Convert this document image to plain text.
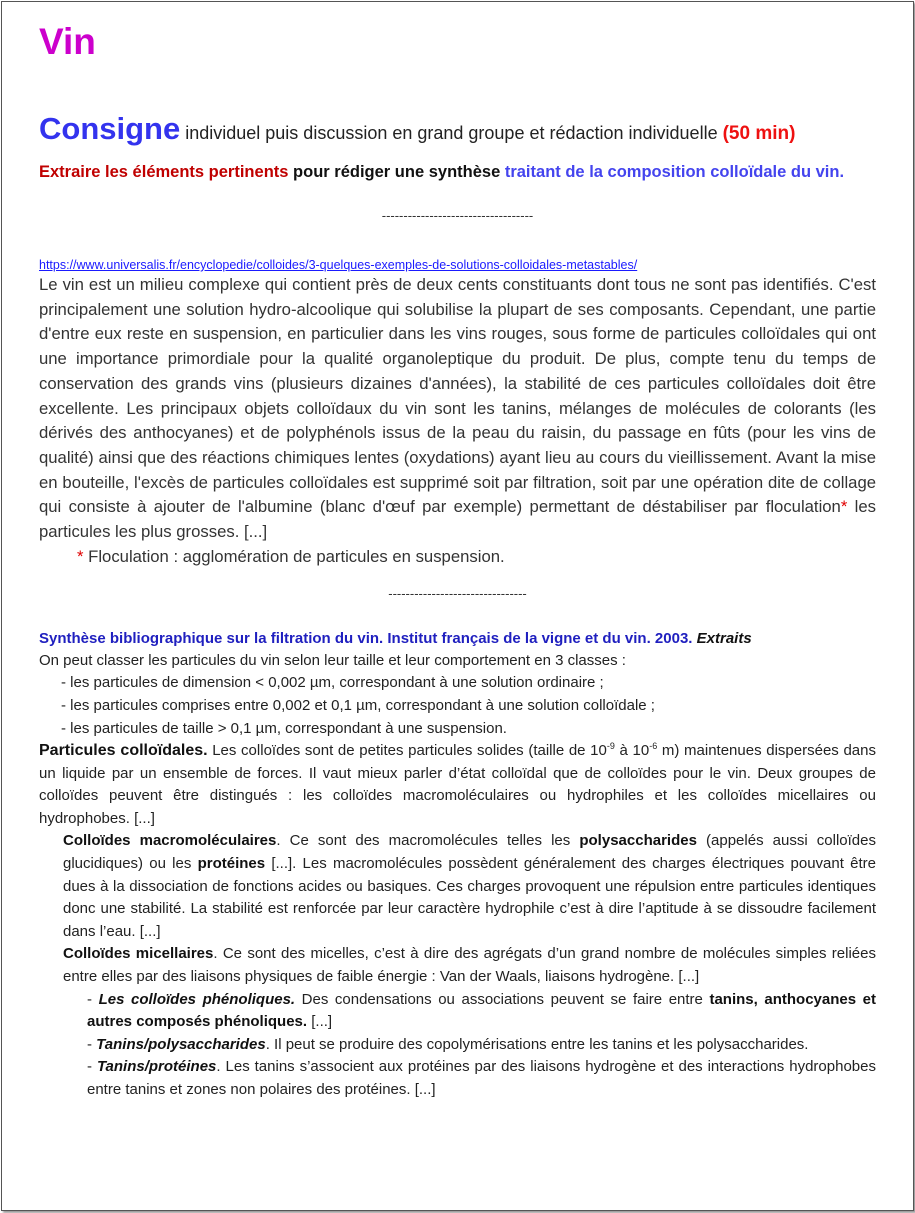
Vin
Consigne individuel puis discussion en grand groupe et rédaction individuelle (50 min)
Extraire les éléments pertinents pour rédiger une synthèse traitant de la composition colloïdale du vin.
-----------------------------------
https://www.universalis.fr/encyclopedie/colloides/3-quelques-exemples-de-solutions-colloidales-metastables/

Le vin est un milieu complexe qui contient près de deux cents constituants dont tous ne sont pas identifiés. C'est principalement une solution hydro-alcoolique qui solubilise la plupart de ses composants. Cependant, une partie d'entre eux reste en suspension, en particulier dans les vins rouges, sous forme de particules colloïdales qui ont une importance primordiale pour la qualité organoleptique du produit. De plus, compte tenu du temps de conservation des grands vins (plusieurs dizaines d'années), la stabilité de ces particules colloïdales doit être excellente. Les principaux objets colloïdaux du vin sont les tanins, mélanges de molécules de colorants (les dérivés des anthocyanes) et de polyphénols issus de la peau du raisin, du passage en fûts (pour les vins de qualité) ainsi que des réactions chimiques lentes (oxydations) ayant lieu au cours du vieillissement. Avant la mise en bouteille, l'excès de particules colloïdales est supprimé soit par filtration, soit par une opération dite de collage qui consiste à ajouter de l'albumine (blanc d'œuf par exemple) permettant de déstabiliser par floculation* les particules les plus grosses. [...]

* Floculation : agglomération de particules en suspension.
--------------------------------
Synthèse bibliographique sur la filtration du vin. Institut français de la vigne et du vin. 2003. Extraits
On peut classer les particules du vin selon leur taille et leur comportement en 3 classes :
- les particules de dimension < 0,002 µm, correspondant à une solution ordinaire ;
- les particules comprises entre 0,002 et 0,1 µm, correspondant à une solution colloïdale ;
- les particules de taille > 0,1 µm, correspondant à une suspension.
Particules colloïdales. Les colloïdes sont de petites particules solides (taille de $10^{-9}$ à $10^{-6}$ m) maintenues dispersées dans un liquide par un ensemble de forces. Il vaut mieux parler d’état colloïdal que de colloïdes pour le vin. Deux groupes de colloïdes peuvent être distingués : les colloïdes macromoléculaires ou hydrophiles et les colloïdes micellaires ou hydrophobes. [...]
Colloïdes macromoléculaires. Ce sont des macromolécules telles les polysaccharides (appelés aussi colloïdes glucidiques) ou les protéines [...]. Les macromolécules possèdent généralement des charges électriques pouvant être dues à la dissociation de fonctions acides ou basiques. Ces charges provoquent une répulsion entre particules identiques donc une stabilité. La stabilité est renforcée par leur caractère hydrophile c’est à dire l’aptitude à se dissoudre facilement dans l’eau. [...]
Colloïdes micellaires. Ce sont des micelles, c’est à dire des agrégats d’un grand nombre de molécules simples reliées entre elles par des liaisons physiques de faible énergie : Van der Waals, liaisons hydrogène. [...]
- Les colloïdes phénoliques. Des condensations ou associations peuvent se faire entre tanins, anthocyanes et autres composés phénoliques. [...]
- Tanins/polysaccharides. Il peut se produire des copolymérisations entre les tanins et les polysaccharides.
- Tanins/protéines. Les tanins s’associent aux protéines par des liaisons hydrogène et des interactions hydrophobes entre tanins et zones non polaires des protéines. [...]
